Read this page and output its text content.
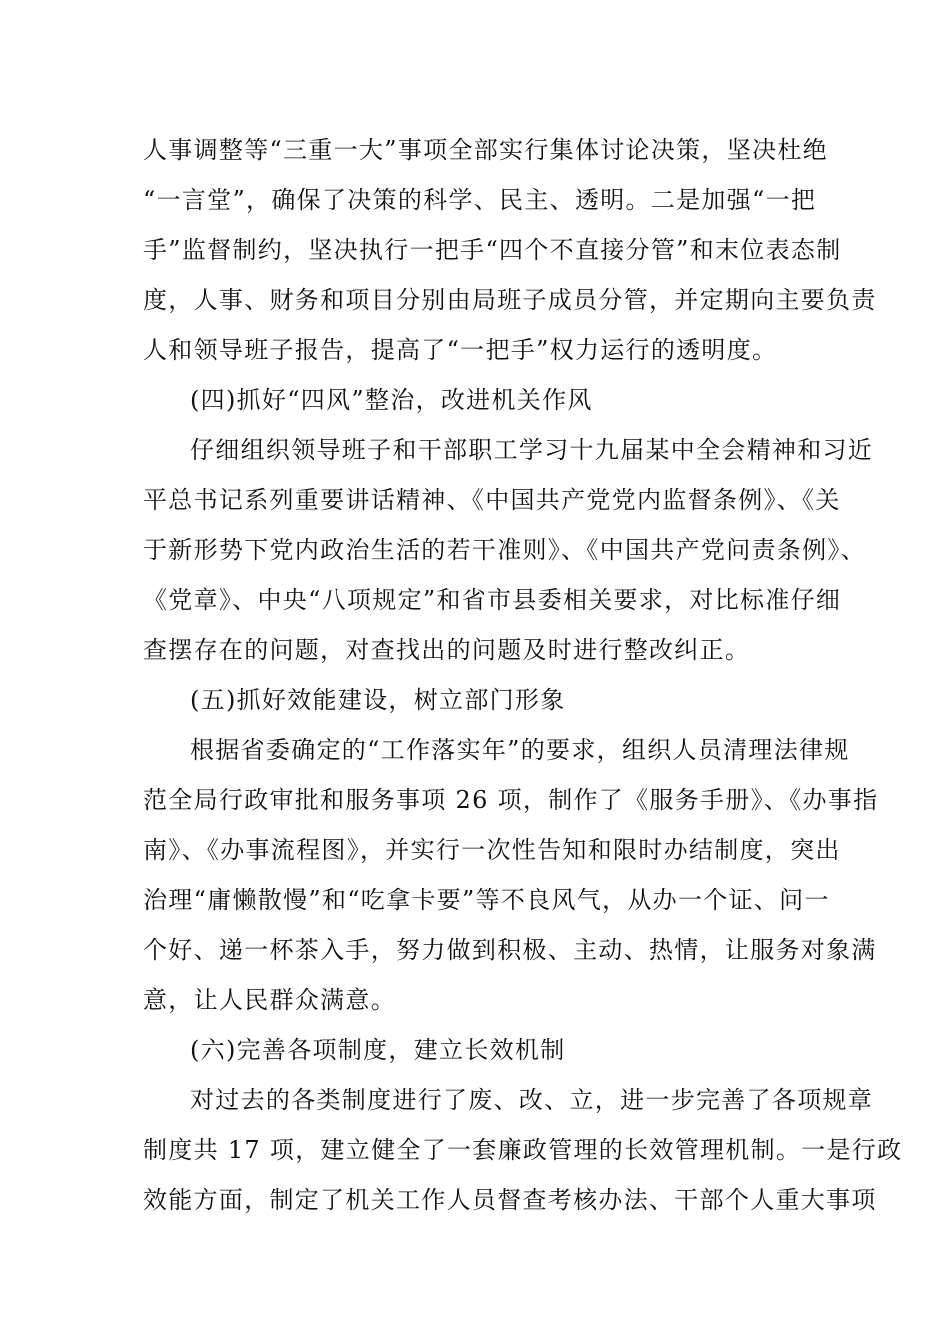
人事调整等“三重一大”事项全部实行集体讨论决策，坚决杜绝
“一言堂”，确保了决策的科学、民主、透明。二是加强“一把
手”监督制约，坚决执行一把手“四个不直接分管”和末位表态制
度，人事、财务和项目分别由局班子成员分管，并定期向主要负责
人和领导班子报告，提高了“一把手”权力运行的透明度。
(四)抓好“四风”整治，改进机关作风
仔细组织领导班子和干部职工学习十九届某中全会精神和习近
平总书记系列重要讲话精神、《中国共产党党内监督条例》、《关
于新形势下党内政治生活的若干准则》、《中国共产党问责条例》、
《党章》、中央“八项规定”和省市县委相关要求，对比标准仔细
查摆存在的问题，对查找出的问题及时进行整改纠正。
(五)抓好效能建设，树立部门形象
根据省委确定的“工作落实年”的要求，组织人员清理法律规
范全局行政审批和服务事项 26 项，制作了《服务手册》、《办事指
南》、《办事流程图》，并实行一次性告知和限时办结制度，突出
治理“庸懒散慢”和“吃拿卡要”等不良风气，从办一个证、问一
个好、递一杯茶入手，努力做到积极、主动、热情，让服务对象满
意，让人民群众满意。
(六)完善各项制度，建立长效机制
对过去的各类制度进行了废、改、立，进一步完善了各项规章
制度共 17 项，建立健全了一套廉政管理的长效管理机制。一是行政
效能方面，制定了机关工作人员督查考核办法、干部个人重大事项
